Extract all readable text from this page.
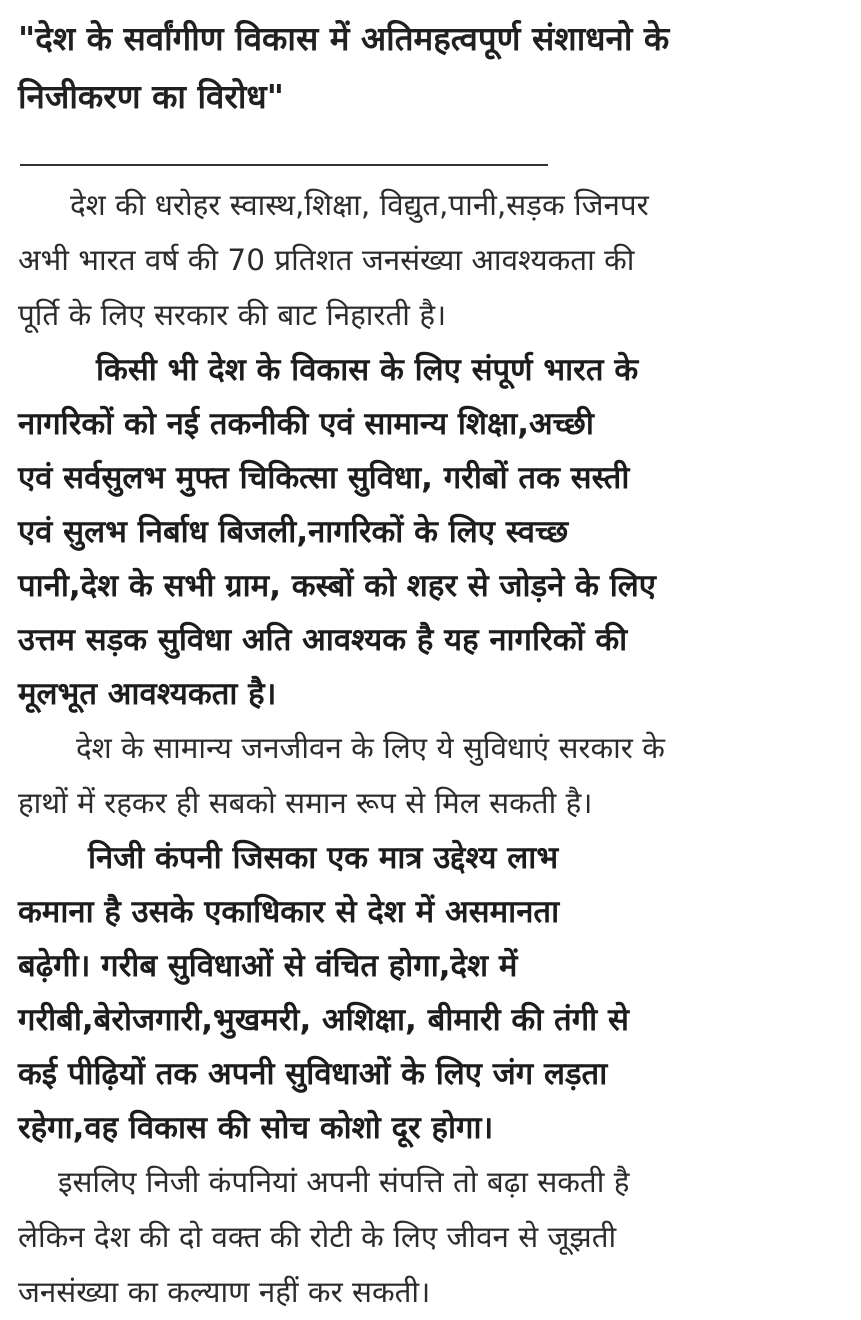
"देश के सर्वांगीण विकास में अतिमहत्वपूर्ण संशाधनो के
निजीकरण का विरोध"

देश की धरोहर स्वास्थ,शिक्षा, विद्युत,पानी,सड़क जिनपर
अभी भारत वर्ष की 70 प्रतिशत जनसंख्या आवश्यकता की
पूर्ति के लिए सरकार की बाट निहारती है।

किसी भी देश के विकास के लिए संपूर्ण भारत के
नागरिकों को नई तकनीकी एवं सामान्य शिक्षा,अच्छी
एवं सर्वसुलभ मुफ्त चिकित्सा सुविधा, गरीबों तक सस्ती
एवं सुलभ निर्बाध बिजली,नागरिकों के लिए स्वच्छ
पानी,देश के सभी ग्राम, कस्बों को शहर से जोड़ने के लिए
उत्तम सड़क सुविधा अति आवश्यक है यह नागरिकों की
मूलभूत आवश्यकता है।

देश के सामान्य जनजीवन के लिए ये सुविधाएं सरकार के
हाथों में रहकर ही सबको समान रूप से मिल सकती है।

निजी कंपनी जिसका एक मात्र उद्देश्य लाभ
कमाना है उसके एकाधिकार से देश में असमानता
बढ़ेगी। गरीब सुविधाओं से वंचित होगा,देश में
गरीबी,बेरोजगारी,भुखमरी, अशिक्षा, बीमारी की तंगी से
कई पीढ़ियों तक अपनी सुविधाओं के लिए जंग लड़ता
रहेगा,वह विकास की सोच कोशो दूर होगा।

इसलिए निजी कंपनियां अपनी संपत्ति तो बढ़ा सकती है
लेकिन देश की दो वक्त की रोटी के लिए जीवन से जूझती
जनसंख्या का कल्याण नहीं कर सकती।
